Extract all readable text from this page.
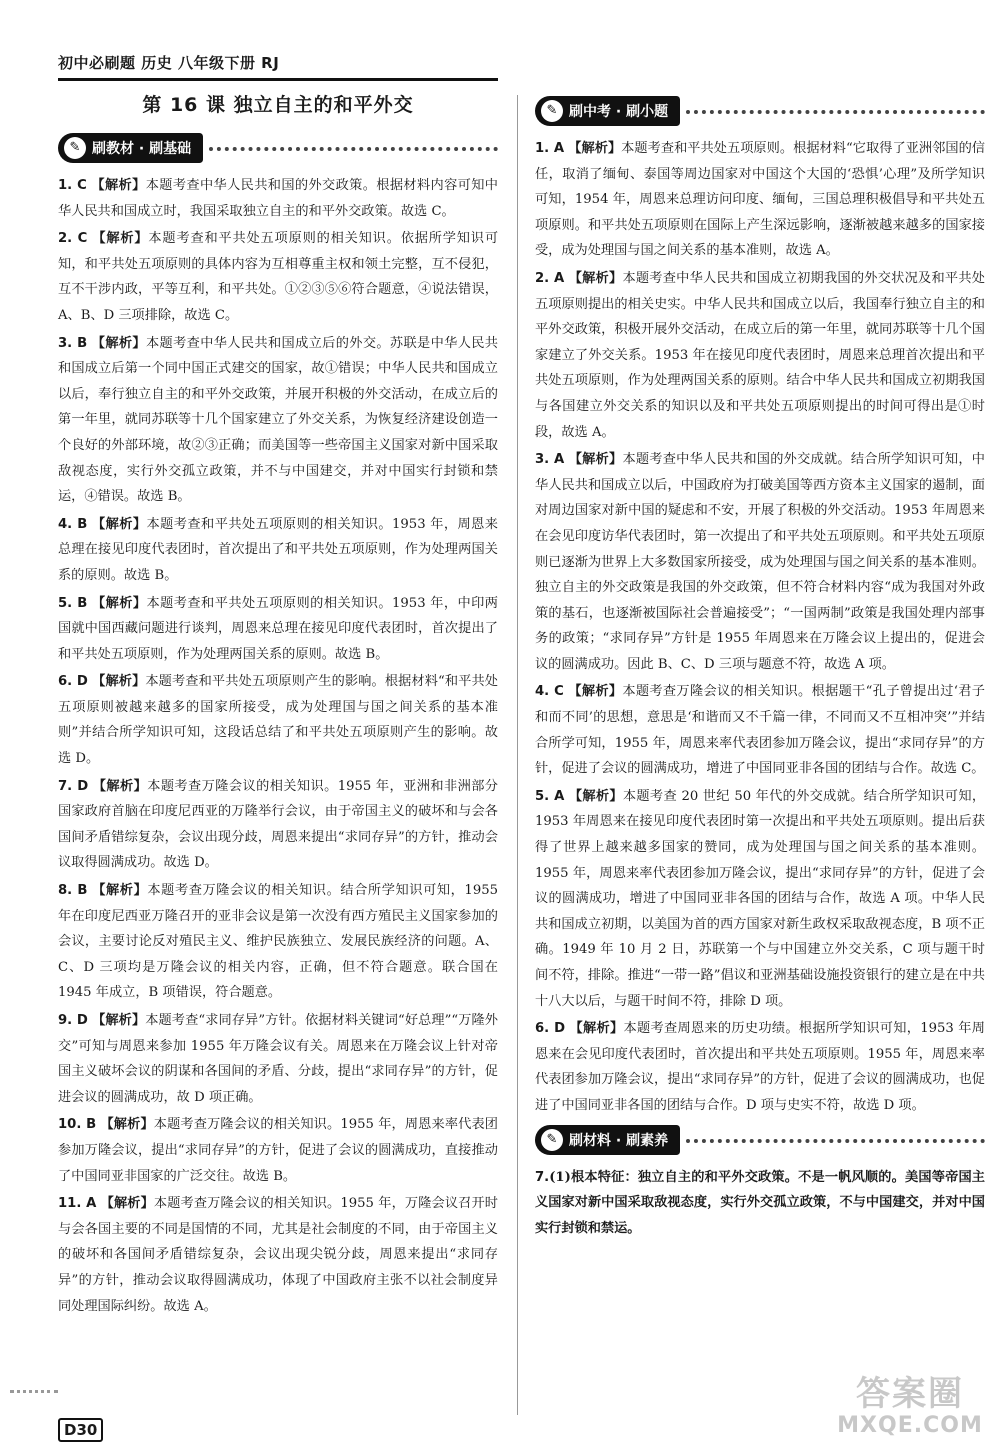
初中必刷题 历史 八年级下册 RJ
第 16 课 独立自主的和平外交
✎ 刷教材 · 刷基础
1. C 【解析】本题考查中华人民共和国的外交政策。根据材料内容可知中华人民共和国成立时，我国采取独立自主的和平外交政策。故选 C。
2. C 【解析】本题考查和平共处五项原则的相关知识。依据所学知识可知，和平共处五项原则的具体内容为互相尊重主权和领土完整，互不侵犯，互不干涉内政，平等互利，和平共处。①②③⑤⑥符合题意，④说法错误，A、B、D 三项排除，故选 C。
3. B 【解析】本题考查中华人民共和国成立后的外交。苏联是中华人民共和国成立后第一个同中国正式建交的国家，故①错误；中华人民共和国成立以后，奉行独立自主的和平外交政策，并展开积极的外交活动，在成立后的第一年里，就同苏联等十几个国家建立了外交关系，为恢复经济建设创造一个良好的外部环境，故②③正确；而美国等一些帝国主义国家对新中国采取敌视态度，实行外交孤立政策，并不与中国建交，并对中国实行封锁和禁运，④错误。故选 B。
4. B 【解析】本题考查和平共处五项原则的相关知识。1953 年，周恩来总理在接见印度代表团时，首次提出了和平共处五项原则，作为处理两国关系的原则。故选 B。
5. B 【解析】本题考查和平共处五项原则的相关知识。1953 年，中印两国就中国西藏问题进行谈判，周恩来总理在接见印度代表团时，首次提出了和平共处五项原则，作为处理两国关系的原则。故选 B。
6. D 【解析】本题考查和平共处五项原则产生的影响。根据材料“和平共处五项原则被越来越多的国家所接受，成为处理国与国之间关系的基本准则”并结合所学知识可知，这段话总结了和平共处五项原则产生的影响。故选 D。
7. D 【解析】本题考查万隆会议的相关知识。1955 年，亚洲和非洲部分国家政府首脑在印度尼西亚的万隆举行会议，由于帝国主义的破坏和与会各国间矛盾错综复杂，会议出现分歧，周恩来提出“求同存异”的方针，推动会议取得圆满成功。故选 D。
8. B 【解析】本题考查万隆会议的相关知识。结合所学知识可知，1955 年在印度尼西亚万隆召开的亚非会议是第一次没有西方殖民主义国家参加的会议，主要讨论反对殖民主义、维护民族独立、发展民族经济的问题。A、C、D 三项均是万隆会议的相关内容，正确，但不符合题意。联合国在 1945 年成立，B 项错误，符合题意。
9. D 【解析】本题考查“求同存异”方针。依据材料关键词“好总理”“万隆外交”可知与周恩来参加 1955 年万隆会议有关。周恩来在万隆会议上针对帝国主义破坏会议的阴谋和各国间的矛盾、分歧，提出“求同存异”的方针，促进会议的圆满成功，故 D 项正确。
10. B 【解析】本题考查万隆会议的相关知识。1955 年，周恩来率代表团参加万隆会议，提出“求同存异”的方针，促进了会议的圆满成功，直接推动了中国同亚非国家的广泛交往。故选 B。
11. A 【解析】本题考查万隆会议的相关知识。1955 年，万隆会议召开时与会各国主要的不同是国情的不同，尤其是社会制度的不同，由于帝国主义的破坏和各国间矛盾错综复杂，会议出现尖锐分歧，周恩来提出“求同存异”的方针，推动会议取得圆满成功，体现了中国政府主张不以社会制度异同处理国际纠纷。故选 A。
✎ 刷中考 · 刷小题
1. A 【解析】本题考查和平共处五项原则。根据材料“它取得了亚洲邻国的信任，取消了缅甸、泰国等周边国家对中国这个大国的‘恐惧’心理”及所学知识可知，1954 年，周恩来总理访问印度、缅甸，三国总理积极倡导和平共处五项原则。和平共处五项原则在国际上产生深远影响，逐渐被越来越多的国家接受，成为处理国与国之间关系的基本准则，故选 A。
2. A 【解析】本题考查中华人民共和国成立初期我国的外交状况及和平共处五项原则提出的相关史实。中华人民共和国成立以后，我国奉行独立自主的和平外交政策，积极开展外交活动，在成立后的第一年里，就同苏联等十几个国家建立了外交关系。1953 年在接见印度代表团时，周恩来总理首次提出和平共处五项原则，作为处理两国关系的原则。结合中华人民共和国成立初期我国与各国建立外交关系的知识以及和平共处五项原则提出的时间可得出是①时段，故选 A。
3. A 【解析】本题考查中华人民共和国的外交成就。结合所学知识可知，中华人民共和国成立以后，中国政府为打破美国等西方资本主义国家的遏制，面对周边国家对新中国的疑虑和不安，开展了积极的外交活动。1953 年周恩来在会见印度访华代表团时，第一次提出了和平共处五项原则。和平共处五项原则已逐渐为世界上大多数国家所接受，成为处理国与国之间关系的基本准则。独立自主的外交政策是我国的外交政策，但不符合材料内容“成为我国对外政策的基石，也逐渐被国际社会普遍接受”；“一国两制”政策是我国处理内部事务的政策；“求同存异”方针是 1955 年周恩来在万隆会议上提出的，促进会议的圆满成功。因此 B、C、D 三项与题意不符，故选 A 项。
4. C 【解析】本题考查万隆会议的相关知识。根据题干“孔子曾提出过‘君子和而不同’的思想，意思是‘和谐而又不千篇一律，不同而又不互相冲突’”并结合所学可知，1955 年，周恩来率代表团参加万隆会议，提出“求同存异”的方针，促进了会议的圆满成功，增进了中国同亚非各国的团结与合作。故选 C。
5. A 【解析】本题考查 20 世纪 50 年代的外交成就。结合所学知识可知，1953 年周恩来在接见印度代表团时第一次提出和平共处五项原则。提出后获得了世界上越来越多国家的赞同，成为处理国与国之间关系的基本准则。1955 年，周恩来率代表团参加万隆会议，提出“求同存异”的方针，促进了会议的圆满成功，增进了中国同亚非各国的团结与合作，故选 A 项。中华人民共和国成立初期，以美国为首的西方国家对新生政权采取敌视态度，B 项不正确。1949 年 10 月 2 日，苏联第一个与中国建立外交关系，C 项与题干时间不符，排除。推进“一带一路”倡议和亚洲基础设施投资银行的建立是在中共十八大以后，与题干时间不符，排除 D 项。
6. D 【解析】本题考查周恩来的历史功绩。根据所学知识可知，1953 年周恩来在会见印度代表团时，首次提出和平共处五项原则。1955 年，周恩来率代表团参加万隆会议，提出“求同存异”的方针，促进了会议的圆满成功，也促进了中国同亚非各国的团结与合作。D 项与史实不符，故选 D 项。
✎ 刷材料 · 刷素养
7.(1)根本特征：独立自主的和平外交政策。不是一帆风顺的。美国等帝国主义国家对新中国采取敌视态度，实行外交孤立政策，不与中国建交，并对中国实行封锁和禁运。
D30
答案圈
MXQE.COM
